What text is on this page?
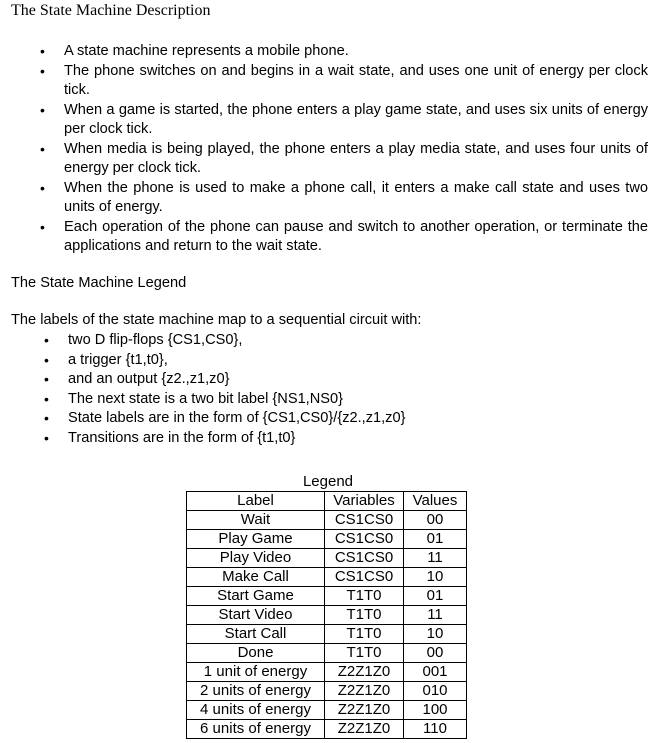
The State Machine Description
• A state machine represents a mobile phone.
• The phone switches on and begins in a wait state, and uses one unit of energy per clock tick.
• When a game is started, the phone enters a play game state, and uses six units of energy per clock tick.
• When media is being played, the phone enters a play media state, and uses four units of energy per clock tick.
• When the phone is used to make a phone call, it enters a make call state and uses two units of energy.
• Each operation of the phone can pause and switch to another operation, or terminate the applications and return to the wait state.

The State Machine Legend

The labels of the state machine map to a sequential circuit with:

• two D flip-flops {CS1,CS0},
• a trigger {t1,t0},
• and an output {z2.,z1,z0}
• The next state is a two bit label {NS1,NS0}
• State labels are in the form of {CS1,CS0}/{z2.,z1,z0}
• Transitions are in the form of {t1,t0}
Legend
Label	Variables	Values
Wait	CS1CS0	00
Play Game	CS1CS0	01
Play Video	CS1CS0	11
Make Call	CS1CS0	10
Start Game	T1T0	01
Start Video	T1T0	11
Start Call	T1T0	10
Done	T1T0	00
1 unit of energy	Z2Z1Z0	001
2 units of energy	Z2Z1Z0	010
4 units of energy	Z2Z1Z0	100
6 units of energy	Z2Z1Z0	110
